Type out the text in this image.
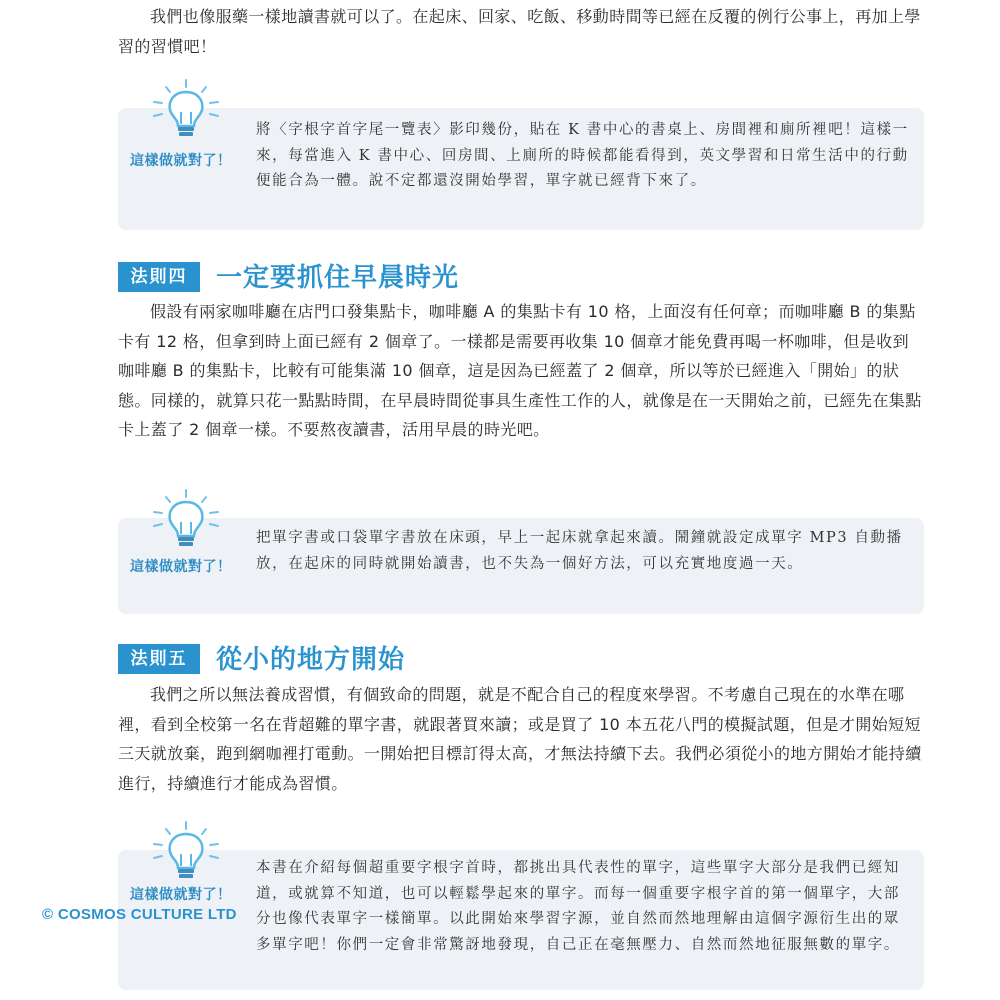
我們也像服藥一樣地讀書就可以了。在起床、回家、吃飯、移動時間等已經在反覆的例行公事上，再加上學習的習慣吧！

這樣做就對了！

將〈字根字首字尾一覽表〉影印幾份，貼在 K 書中心的書桌上、房間裡和廁所裡吧！這樣一來，每當進入 K 書中心、回房間、上廁所的時候都能看得到，英文學習和日常生活中的行動便能合為一體。說不定都還沒開始學習，單字就已經背下來了。

法則四	一定要抓住早晨時光

假設有兩家咖啡廳在店門口發集點卡，咖啡廳 A 的集點卡有 10 格，上面沒有任何章；而咖啡廳 B 的集點卡有 12 格，但拿到時上面已經有 2 個章了。一樣都是需要再收集 10 個章才能免費再喝一杯咖啡，但是收到咖啡廳 B 的集點卡，比較有可能集滿 10 個章，這是因為已經蓋了 2 個章，所以等於已經進入「開始」的狀態。同樣的，就算只花一點點時間，在早晨時間從事具生產性工作的人，就像是在一天開始之前，已經先在集點卡上蓋了 2 個章一樣。不要熬夜讀書，活用早晨的時光吧。

這樣做就對了！

把單字書或口袋單字書放在床頭，早上一起床就拿起來讀。鬧鐘就設定成單字 MP3 自動播放，在起床的同時就開始讀書，也不失為一個好方法，可以充實地度過一天。

法則五	從小的地方開始

我們之所以無法養成習慣，有個致命的問題，就是不配合自己的程度來學習。不考慮自己現在的水準在哪裡，看到全校第一名在背超難的單字書，就跟著買來讀；或是買了 10 本五花八門的模擬試題，但是才開始短短三天就放棄，跑到網咖裡打電動。一開始把目標訂得太高，才無法持續下去。我們必須從小的地方開始才能持續進行，持續進行才能成為習慣。

這樣做就對了！

本書在介紹每個超重要字根字首時，都挑出具代表性的單字，這些單字大部分是我們已經知道，或就算不知道，也可以輕鬆學起來的單字。而每一個重要字根字首的第一個單字，大部分也像代表單字一樣簡單。以此開始來學習字源，並自然而然地理解由這個字源衍生出的眾多單字吧！你們一定會非常驚訝地發現，自己正在毫無壓力、自然而然地征服無數的單字。

© COSMOS CULTURE LTD
